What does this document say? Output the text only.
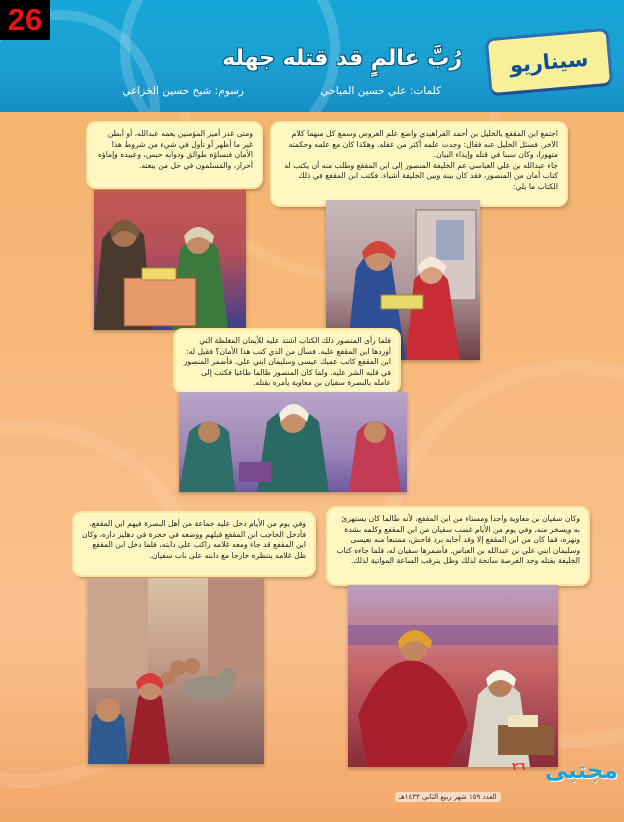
26
سيناريو
رُبَّ عالمٍ قد قتله جهله
كلمات: علي حسين المياحي
رسوم: شيخ حسين الخزاعي
اجتمع ابن المقفع بالخليل بن أحمد الفراهيدي واضع علم العروض وسمع كل منهما كلام الآخر. فسئل الخليل عنه فقال: وجدت علمه أكثر من عقله. وهكذا كان مع علمه وحكمته متهورا، وكان سببا في قتله وإيذاء البيان.
جاء عبدالله بن علي العباسي عم الخليفة المنصور إلى ابن المقفع وطلب منه أن يكتب له كتاب أمان من المنصور، فقد كان بينه وبين الخليفة أشياء. فكتب ابن المقفع في ذلك الكتاب ما يلي:
ومتى غدر أمير المؤمنين بعمه عبدالله، أو أبطن غير ما أظهر أو تأول في شيء من شروط هذا الأمان فنساؤه طوالق ودوابه حبس، وعبيده وإماؤه أحرار، والمسلمون في حل من بيعته.
فلما رأى المنصور ذلك الكتاب اشتد عليه للأيمان المغلظة التي أوردها ابن المقفع عليه. فسأل من الذي كتب هذا الأمان؟ فقيل له: ابن المقفع كاتب عميك عيسى وسليمان ابني علي. فأضمر المنصور في قلبه الشر عليه. ولما كان المنصور ظالما طاغيا فكتب إلى عامله بالبصرة سفيان بن معاوية يأمره بقتله.
وكان سفيان بن معاوية واجدا ومستاء من ابن المقفع، لأنه طالما كان يستهزئ به ويسخر منه، وفي يوم من الأيام غضب سفيان من ابن المقفع وكلمه بشدة ونهره، فما كان من ابن المقفع إلا وقد أجابه برد فاحش، ممتنعا منه بعيسى وسليمان ابني علي بن عبدالله بن العباس. فأضمرها سفيان له، فلما جاءه كتاب الخليفة بقتله وجد الفرصة سانحة لذلك وظل يترقب الساعة المواتية لذلك.
وفي يوم من الأيام دخل عليه جماعة من أهل البصرة فيهم ابن المقفع، فأدخل الحاجب ابن المقفع قبلهم ووضعه في حجرة في دهليز داره، وكان ابن المقفع قد جاء ومعه غلامه راكب على دابته، فلما دخل ابن المقفع ظل غلامه ينتظره خارجا مع دابته على باب سفيان.
٢٦ مجتبى
العدد ١٥٩ شهر ربيع الثاني ١٤٣٣هـ
